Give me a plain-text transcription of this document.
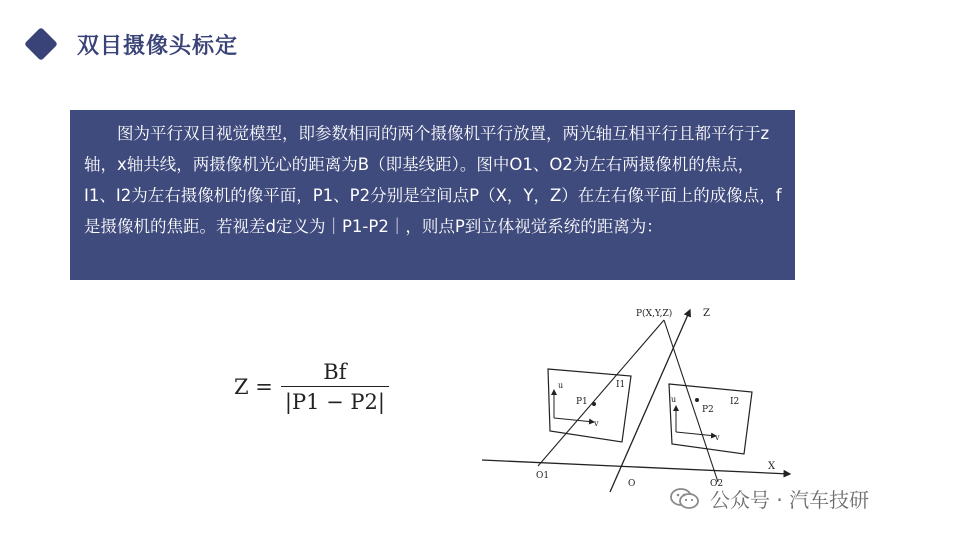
双目摄像头标定

图为平行双目视觉模型，即参数相同的两个摄像机平行放置，两光轴互相平行且都平行于z轴，x轴共线，两摄像机光心的距离为B（即基线距）。图中O1、O2为左右两摄像机的焦点，I1、I2为左右摄像机的像平面，P1、P2分别是空间点P（X，Y，Z）在左右像平面上的成像点，f是摄像机的焦距。若视差d定义为｜P1-P2｜，则点P到立体视觉系统的距离为：

$Z = \frac{Bf}{|P1 - P2|}$
P(X,Y,Z)	Z
X
I1
I2
P1
P2
u
v
u
v
O1
O	O2
公众号 · 汽车技研
